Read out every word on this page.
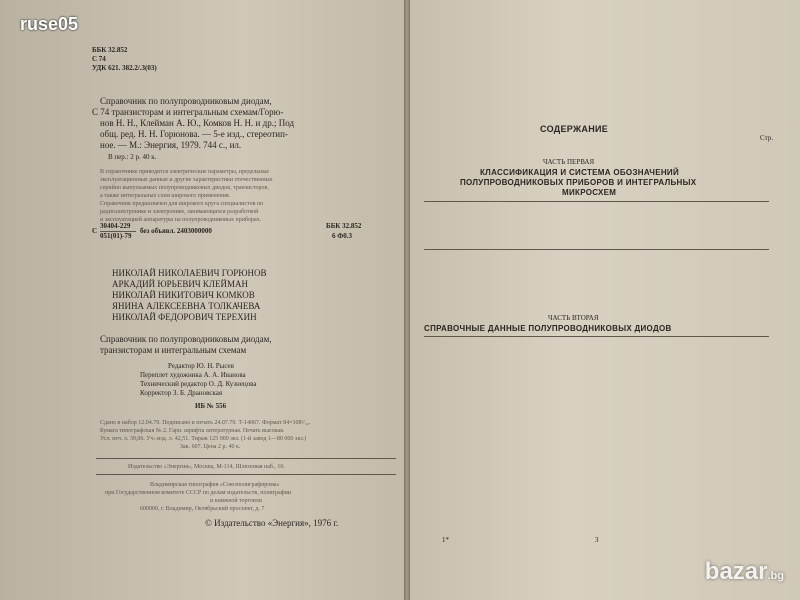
ruse05
ББК 32.852
С 74
УДК 621. 382.2/.3(03)
Справочник по полупроводниковым диодам,
С 74 транзисторам и интегральным схемам/Горю-
нов Н. Н., Клейман А. Ю., Комков Н. Н. и др.; Под
общ. ред. Н. Н. Горюнова. — 5-е изд., стереотип-
ное. — М.: Энергия, 1979. 744 с., ил.
В пер.: 2 р. 40 к.
В справочнике приводятся электрические параметры, предельные
эксплуатационные данные и другие характеристики отечественных
серийно выпускаемых полупроводниковых диодов, транзисторов,
а также интегральных схем широкого применения.
Справочник предназначен для широкого круга специалистов по
радиоэлектронике и электронике, занимающихся разработкой
и эксплуатацией аппаратуры на полупроводниковых приборах.
С
30404-229
051(01)-79
без объявл. 2403000000
ББК 32.852
6 Ф0.3
НИКОЛАЙ НИКОЛАЕВИЧ ГОРЮНОВ
АРКАДИЙ ЮРЬЕВИЧ КЛЕЙМАН
НИКОЛАЙ НИКИТОВИЧ КОМКОВ
ЯНИНА АЛЕКСЕЕВНА ТОЛКАЧЕВА
НИКОЛАЙ ФЕДОРОВИЧ ТЕРЕХИН
Справочник по полупроводниковым диодам,
транзисторам и интегральным схемам
Редактор Ю. Н. Рысев
Переплет художника А. А. Иванова
Технический редактор О. Д. Кузнецова
Корректор З. Б. Драновская
ИБ № 556
Сдано в набор 12.04.79. Подписано в печать 24.07.79. Т-14067. Формат 84×108¹/₃₂.
Бумага типографская № 2. Гарн. шрифта литературная. Печать высокая.
Усл. печ. л. 39,06. Уч.-изд. л. 42,51. Тираж 125 000 экз. (1-й завод 1—80 000 экз.)
Зак. 607. Цена 2 р. 40 к.
Издательство «Энергия», Москва, М-114, Шлюзовая наб., 10.
Владимирская типография «Союзполиграфпрома»
при Государственном комитете СССР по делам издательств, полиграфии
и книжной торговли
600000, г. Владимир, Октябрьский проспект, д. 7
© Издательство «Энергия», 1976 г.
СОДЕРЖАНИЕ
Стр.
ЧАСТЬ ПЕРВАЯ
КЛАССИФИКАЦИЯ И СИСТЕМА ОБОЗНАЧЕНИЙ
ПОЛУПРОВОДНИКОВЫХ ПРИБОРОВ И ИНТЕГРАЛЬНЫХ
МИКРОСХЕМ
ЧАСТЬ ВТОРАЯ
СПРАВОЧНЫЕ ДАННЫЕ ПОЛУПРОВОДНИКОВЫХ ДИОДОВ
1*	3
bazar.bg
